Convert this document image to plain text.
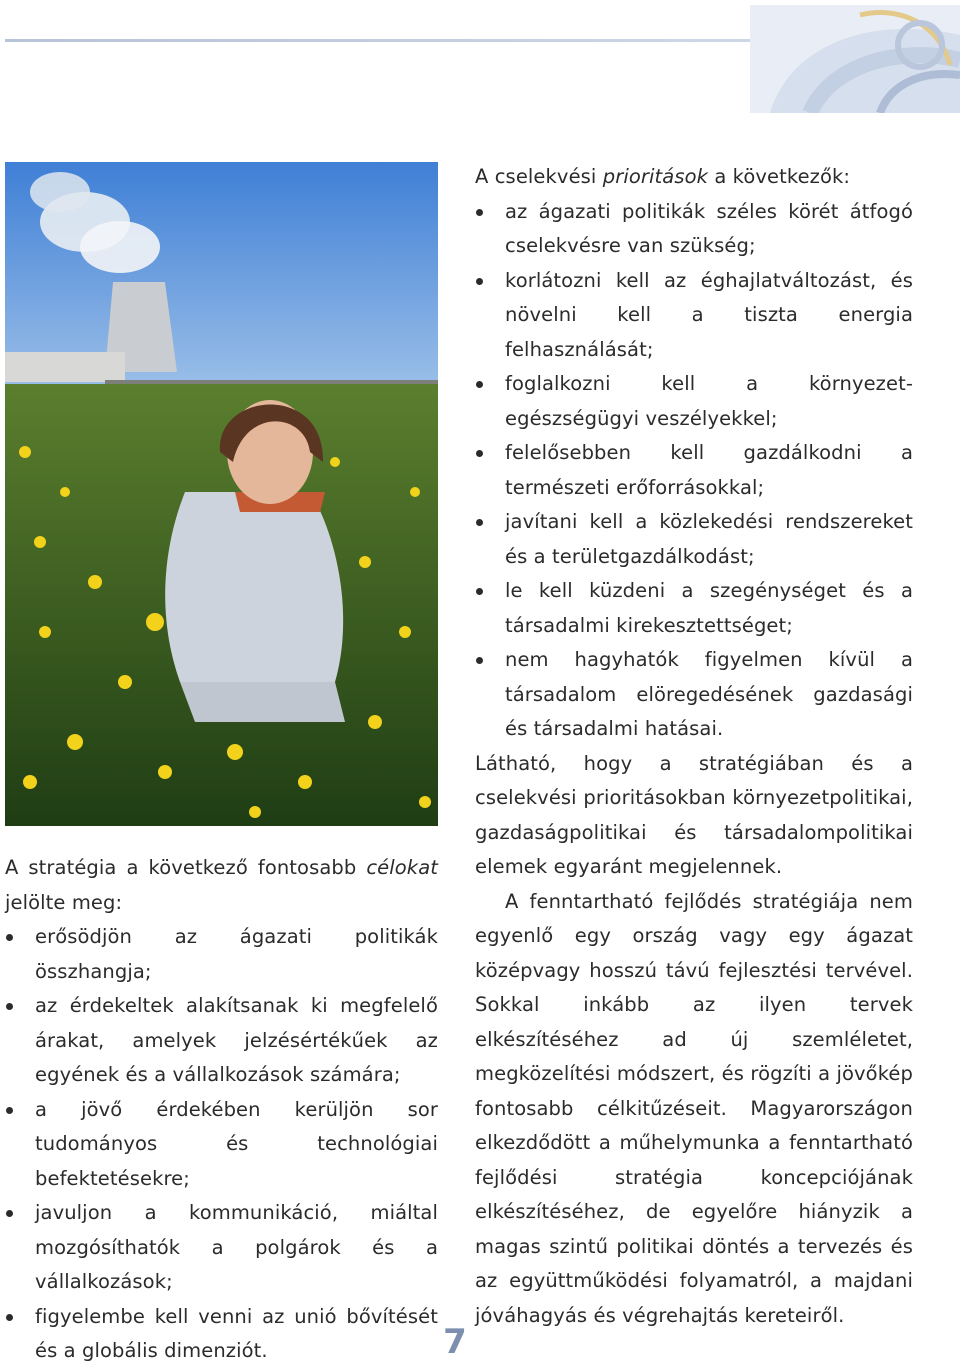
A stratégia a következő fontosabb célokat jelölte meg:

erősödjön az ágazati politikák összhangja;
az érdekeltek alakítsanak ki megfelelő árakat, amelyek jelzésértékűek az egyének és a vállalkozások számára;
a jövő érdekében kerüljön sor tudományos és technológiai befektetésekre;
javuljon a kommunikáció, miáltal mozgósíthatók a polgárok és a vállalkozások;
figyelembe kell venni az unió bővítését és a globális dimenziót.

A cselekvési prioritások a következők:

az ágazati politikák széles körét átfogó cselekvésre van szükség;
korlátozni kell az éghajlatváltozást, és növelni kell a tiszta energia felhasználását;
foglalkozni kell a környezet-egészségügyi veszélyekkel;
felelősebben kell gazdálkodni a természeti erőforrásokkal;
javítani kell a közlekedési rendszereket és a területgazdálkodást;
le kell küzdeni a szegénységet és a társadalmi kirekesztettséget;
nem hagyhatók figyelmen kívül a társadalom elöregedésének gazdasági és társadalmi hatásai.

Látható, hogy a stratégiában és a cselekvési prioritásokban környezetpolitikai, gazdaságpolitikai és társadalompolitikai elemek egyaránt megjelennek.

A fenntartható fejlődés stratégiája nem egyenlő egy ország vagy egy ágazat középvagy hosszú távú fejlesztési tervével. Sokkal inkább az ilyen tervek elkészítéséhez ad új szemléletet, megközelítési módszert, és rögzíti a jövőkép fontosabb célkitűzéseit. Magyarországon elkezdődött a műhelymunka a fenntartható fejlődési stratégia koncepciójának elkészítéséhez, de egyelőre hiányzik a magas szintű politikai döntés a tervezés és az együttműködési folyamatról, a majdani jóváhagyás és végrehajtás kereteiről.

7
